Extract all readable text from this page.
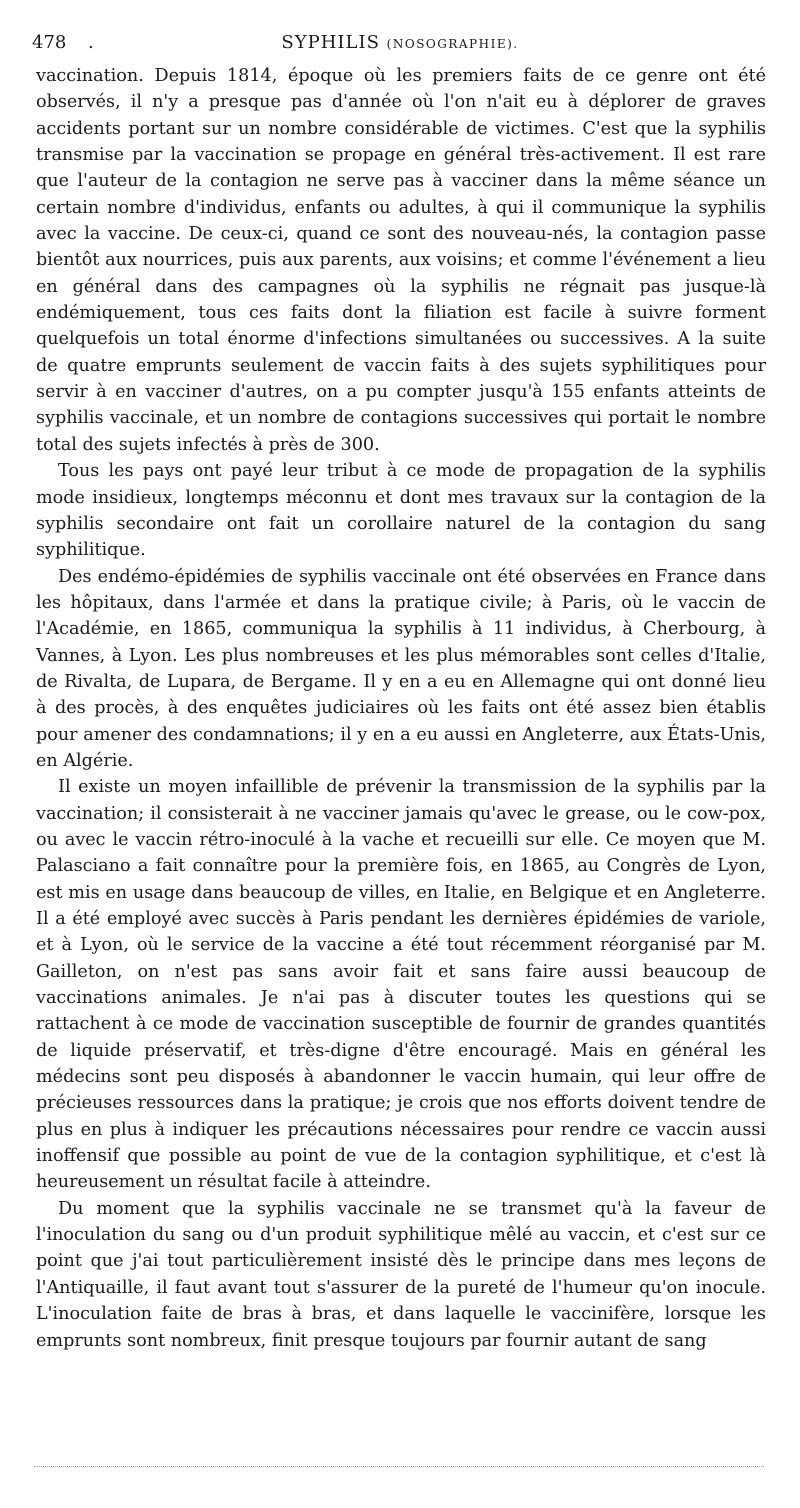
478 .	SYPHILIS (NOSOGRAPHIE).

vaccination. Depuis 1814, époque où les premiers faits de ce genre ont été observés, il n'y a presque pas d'année où l'on n'ait eu à déplorer de graves accidents portant sur un nombre considérable de victimes. C'est que la syphilis transmise par la vaccination se propage en général très-activement. Il est rare que l'auteur de la contagion ne serve pas à vacciner dans la même séance un certain nombre d'individus, enfants ou adultes, à qui il communique la syphilis avec la vaccine. De ceux-ci, quand ce sont des nouveau-nés, la contagion passe bientôt aux nourrices, puis aux parents, aux voisins; et comme l'événement a lieu en général dans des campagnes où la syphilis ne régnait pas jusque-là endémiquement, tous ces faits dont la filiation est facile à suivre forment quelquefois un total énorme d'infections simultanées ou successives. A la suite de quatre emprunts seulement de vaccin faits à des sujets syphilitiques pour servir à en vacciner d'autres, on a pu compter jusqu'à 155 enfants atteints de syphilis vaccinale, et un nombre de contagions successives qui portait le nombre total des sujets infectés à près de 300.

Tous les pays ont payé leur tribut à ce mode de propagation de la syphilis mode insidieux, longtemps méconnu et dont mes travaux sur la contagion de la syphilis secondaire ont fait un corollaire naturel de la contagion du sang syphilitique.

Des endémo-épidémies de syphilis vaccinale ont été observées en France dans les hôpitaux, dans l'armée et dans la pratique civile; à Paris, où le vaccin de l'Académie, en 1865, communiqua la syphilis à 11 individus, à Cherbourg, à Vannes, à Lyon. Les plus nombreuses et les plus mémorables sont celles d'Italie, de Rivalta, de Lupara, de Bergame. Il y en a eu en Allemagne qui ont donné lieu à des procès, à des enquêtes judiciaires où les faits ont été assez bien établis pour amener des condamnations; il y en a eu aussi en Angleterre, aux États-Unis, en Algérie.

Il existe un moyen infaillible de prévenir la transmission de la syphilis par la vaccination; il consisterait à ne vacciner jamais qu'avec le grease, ou le cow-pox, ou avec le vaccin rétro-inoculé à la vache et recueilli sur elle. Ce moyen que M. Palasciano a fait connaître pour la première fois, en 1865, au Congrès de Lyon, est mis en usage dans beaucoup de villes, en Italie, en Belgique et en Angleterre. Il a été employé avec succès à Paris pendant les dernières épidémies de variole, et à Lyon, où le service de la vaccine a été tout récemment réorganisé par M. Gailleton, on n'est pas sans avoir fait et sans faire aussi beaucoup de vaccinations animales. Je n'ai pas à discuter toutes les questions qui se rattachent à ce mode de vaccination susceptible de fournir de grandes quantités de liquide préservatif, et très-digne d'être encouragé. Mais en général les médecins sont peu disposés à abandonner le vaccin humain, qui leur offre de précieuses ressources dans la pratique; je crois que nos efforts doivent tendre de plus en plus à indiquer les précautions nécessaires pour rendre ce vaccin aussi inoffensif que possible au point de vue de la contagion syphilitique, et c'est là heureusement un résultat facile à atteindre.

Du moment que la syphilis vaccinale ne se transmet qu'à la faveur de l'inoculation du sang ou d'un produit syphilitique mêlé au vaccin, et c'est sur ce point que j'ai tout particulièrement insisté dès le principe dans mes leçons de l'Antiquaille, il faut avant tout s'assurer de la pureté de l'humeur qu'on inocule. L'inoculation faite de bras à bras, et dans laquelle le vaccinifère, lorsque les emprunts sont nombreux, finit presque toujours par fournir autant de sang
